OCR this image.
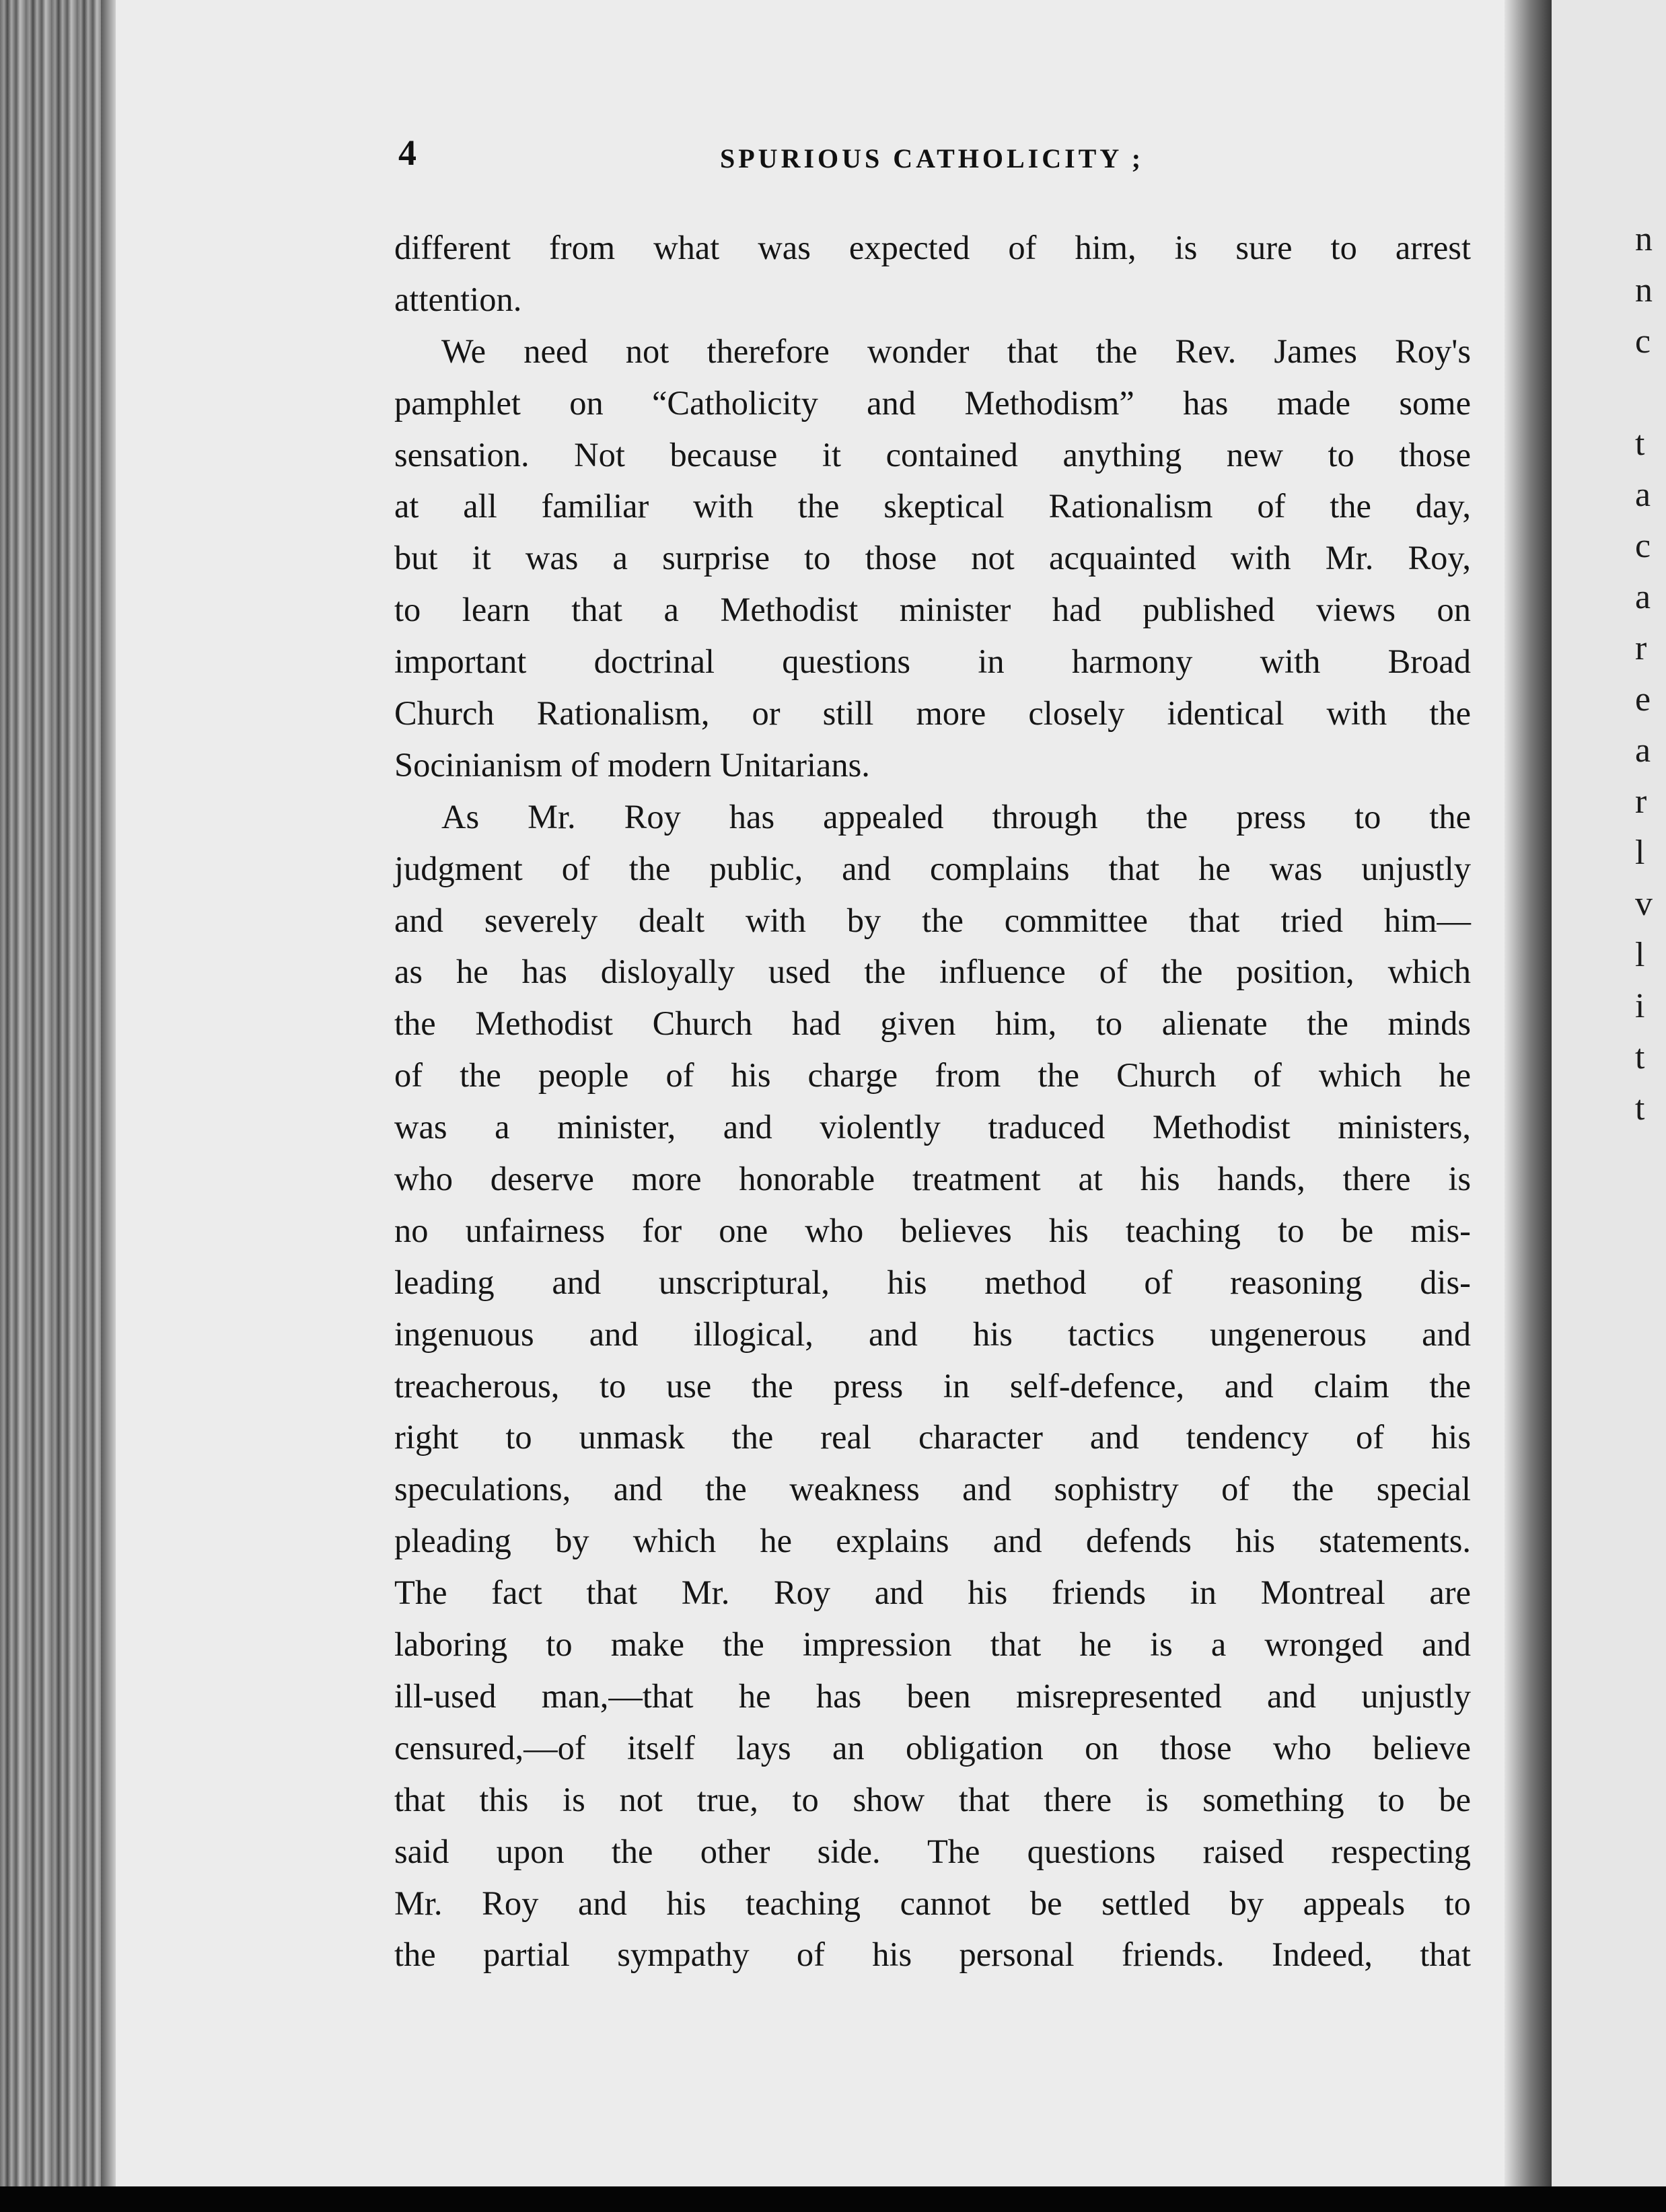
n
n
c
t
a
c
a
r
e
a
r
l
v
l
i
t
t
4	SPURIOUS CATHOLICITY ;
different from what was expected of him, is sure to arrest
attention.
We need not therefore wonder that the Rev. James Roy's
pamphlet on “Catholicity and Methodism” has made some
sensation. Not because it contained anything new to those
at all familiar with the skeptical Rationalism of the day,
but it was a surprise to those not acquainted with Mr. Roy,
to learn that a Methodist minister had published views on
important doctrinal questions in harmony with Broad
Church Rationalism, or still more closely identical with the
Socinianism of modern Unitarians.
As Mr. Roy has appealed through the press to the
judgment of the public, and complains that he was unjustly
and severely dealt with by the committee that tried him—
as he has disloyally used the influence of the position, which
the Methodist Church had given him, to alienate the minds
of the people of his charge from the Church of which he
was a minister, and violently traduced Methodist ministers,
who deserve more honorable treatment at his hands, there is
no unfairness for one who believes his teaching to be mis-
leading and unscriptural, his method of reasoning dis-
ingenuous and illogical, and his tactics ungenerous and
treacherous, to use the press in self-defence, and claim the
right to unmask the real character and tendency of his
speculations, and the weakness and sophistry of the special
pleading by which he explains and defends his statements.
The fact that Mr. Roy and his friends in Montreal are
laboring to make the impression that he is a wronged and
ill-used man,—that he has been misrepresented and unjustly
censured,—of itself lays an obligation on those who believe
that this is not true, to show that there is something to be
said upon the other side. The questions raised respecting
Mr. Roy and his teaching cannot be settled by appeals to
the partial sympathy of his personal friends. Indeed, that
